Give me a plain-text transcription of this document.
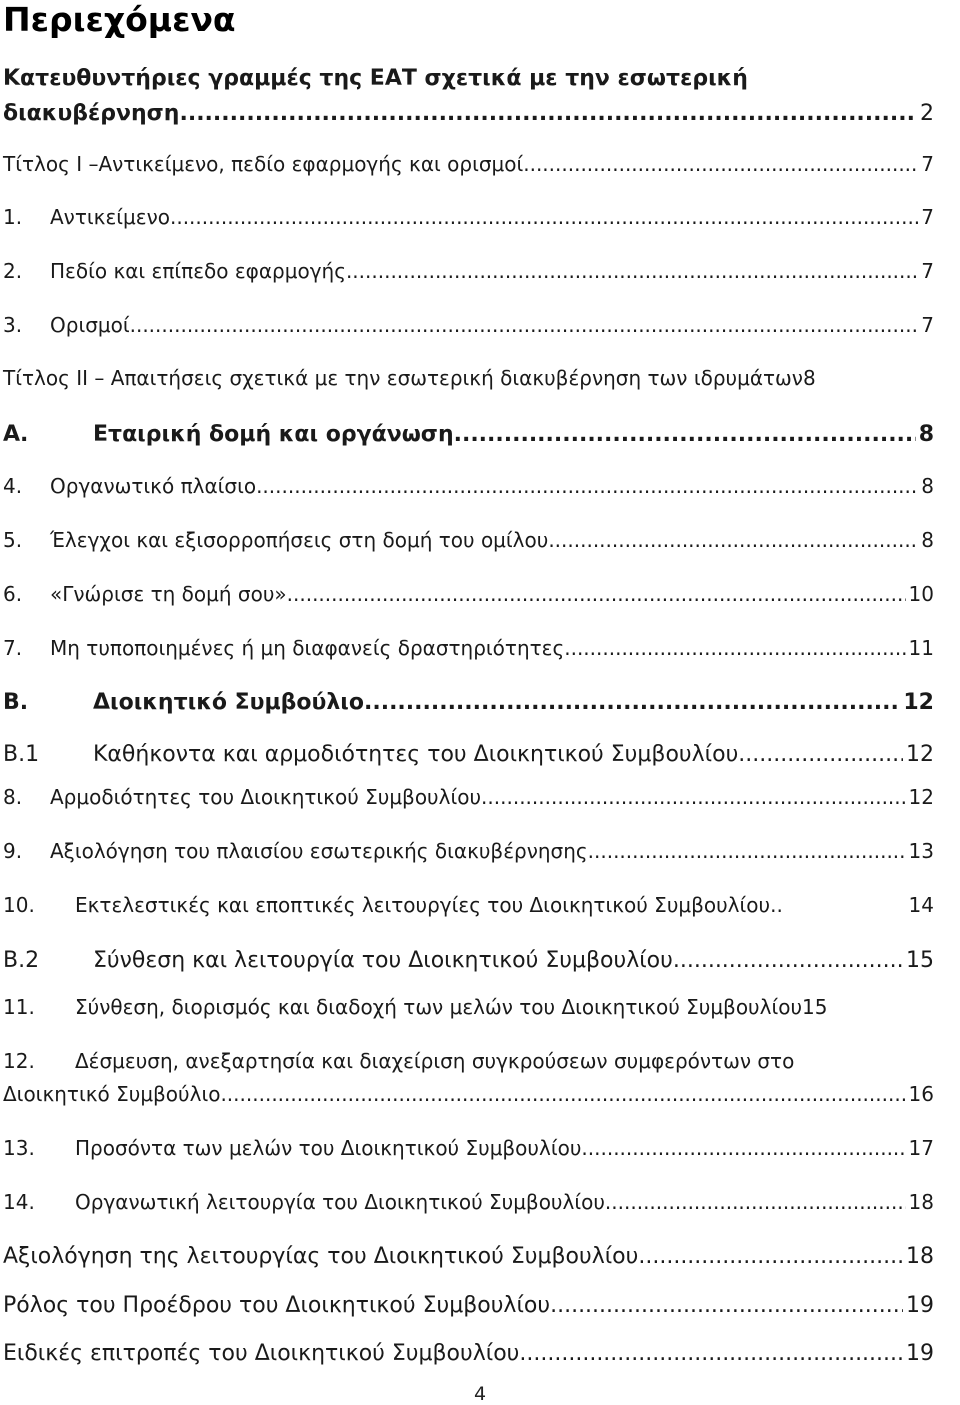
Περιεχόμενα
Κατευθυντήριες γραμμές της ΕΑΤ σχετικά με την εσωτερική
διακυβέρνηση .....	2
Τίτλος I –Αντικείμενο, πεδίο εφαρμογής και ορισμοί .....	7
1.	Αντικείμενο .....	7
2.	Πεδίο και επίπεδο εφαρμογής .....	7
3.	Ορισμοί .....	7
Τίτλος II – Απαιτήσεις σχετικά με την εσωτερική διακυβέρνηση των ιδρυμάτων8
Α.	Εταιρική δομή και οργάνωση .....	8
4.	Οργανωτικό πλαίσιο .....	8
5.	Έλεγχοι και εξισορροπήσεις στη δομή του ομίλου .....	8
6.	«Γνώρισε τη δομή σου» .....	10
7.	Μη τυποποιημένες ή μη διαφανείς δραστηριότητες .....	11
Β.	Διοικητικό Συμβούλιο .....	12
Β.1	Καθήκοντα και αρμοδιότητες του Διοικητικού Συμβουλίου .....	12
8.	Αρμοδιότητες του Διοικητικού Συμβουλίου .....	12
9.	Αξιολόγηση του πλαισίου εσωτερικής διακυβέρνησης .....	13
10.	Εκτελεστικές και εποπτικές λειτουργίες του Διοικητικού Συμβουλίου..	14
Β.2	Σύνθεση και λειτουργία του Διοικητικού Συμβουλίου .....	15
11.	Σύνθεση, διορισμός και διαδοχή των μελών του Διοικητικού Συμβουλίου15
12.	Δέσμευση, ανεξαρτησία και διαχείριση συγκρούσεων συμφερόντων στο
Διοικητικό Συμβούλιο .....	16
13.	Προσόντα των μελών του Διοικητικού Συμβουλίου .....	17
14.	Οργανωτική λειτουργία του Διοικητικού Συμβουλίου .....	18
Αξιολόγηση της λειτουργίας του Διοικητικού Συμβουλίου .....	18
Ρόλος του Προέδρου του Διοικητικού Συμβουλίου .....	19
Ειδικές επιτροπές του Διοικητικού Συμβουλίου .....	19
4
